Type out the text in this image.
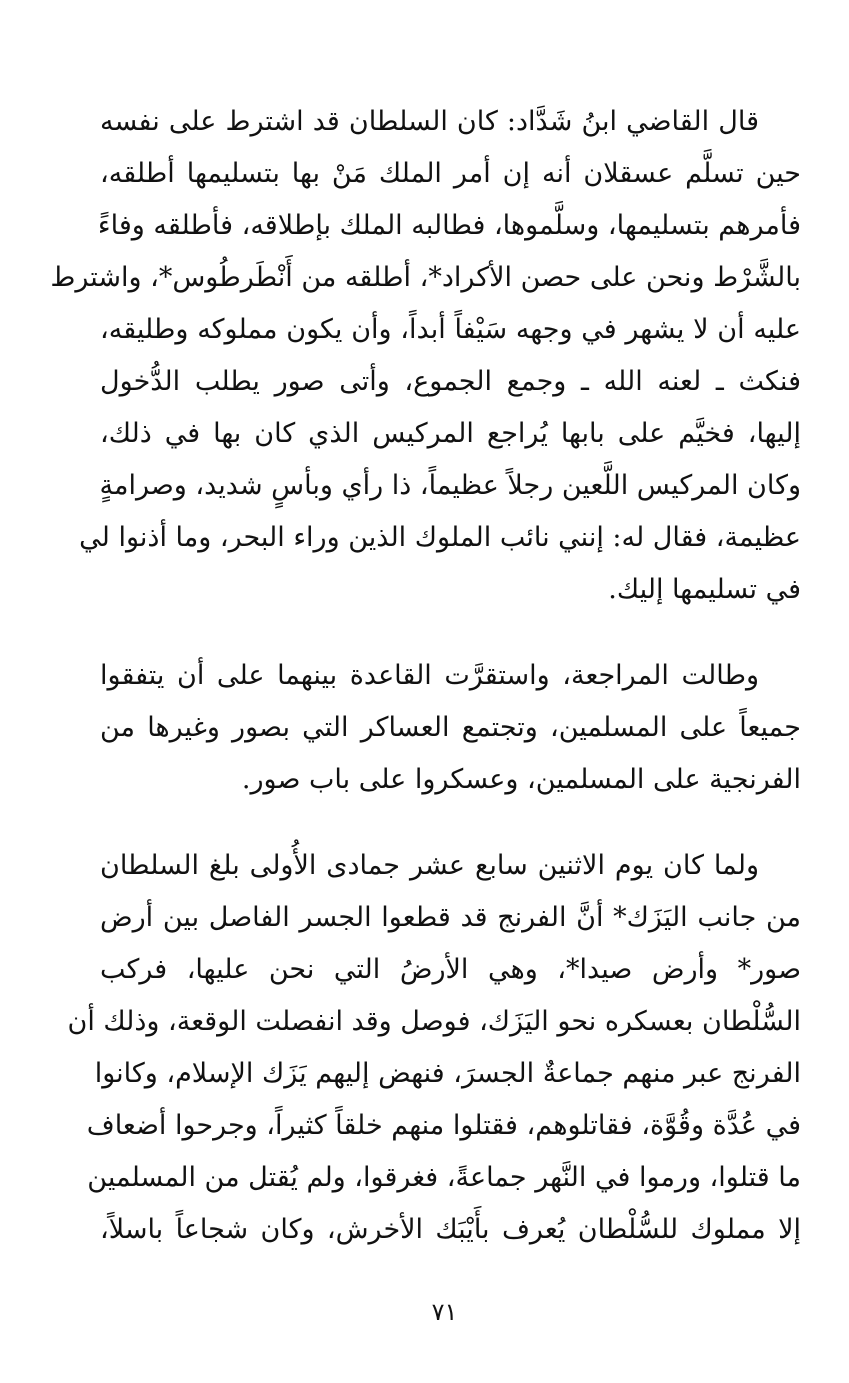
قال القاضي ابنُ شَدَّاد: كان السلطان قد اشترط على نفسه
حين تسلَّم عسقلان أنه إن أمر الملك مَنْ بها بتسليمها أطلقه،
فأمرهم بتسليمها، وسلَّموها، فطالبه الملك بإطلاقه، فأطلقه وفاءً
بالشَّرْط ونحن على حصن الأكراد*، أطلقه من أَنْطَرطُوس*، واشترط
عليه أن لا يشهر في وجهه سَيْفاً أبداً، وأن يكون مملوكه وطليقه،
فنكث ـ لعنه الله ـ وجمع الجموع، وأتى صور يطلب الدُّخول
إليها، فخيَّم على بابها يُراجع المركيس الذي كان بها في ذلك،
وكان المركيس اللَّعين رجلاً عظيماً، ذا رأي وبأسٍ شديد، وصرامةٍ
عظيمة، فقال له: إنني نائب الملوك الذين وراء البحر، وما أذنوا لي
في تسليمها إليك.

وطالت المراجعة، واستقرَّت القاعدة بينهما على أن يتفقوا
جميعاً على المسلمين، وتجتمع العساكر التي بصور وغيرها من
الفرنجية على المسلمين، وعسكروا على باب صور.

ولما كان يوم الاثنين سابع عشر جمادى الأُولى بلغ السلطان
من جانب اليَزَك* أنَّ الفرنج قد قطعوا الجسر الفاصل بين أرض
صور* وأرض صيدا*، وهي الأرضُ التي نحن عليها، فركب
السُّلْطان بعسكره نحو اليَزَك، فوصل وقد انفصلت الوقعة، وذلك أن
الفرنج عبر منهم جماعةٌ الجسرَ، فنهض إليهم يَزَك الإسلام، وكانوا
في عُدَّة وقُوَّة، فقاتلوهم، فقتلوا منهم خلقاً كثيراً، وجرحوا أضعاف
ما قتلوا، ورموا في النَّهر جماعةً، فغرقوا، ولم يُقتل من المسلمين
إلا مملوك للسُّلْطان يُعرف بأَيْبَك الأخرش، وكان شجاعاً باسلاً،

٧١
